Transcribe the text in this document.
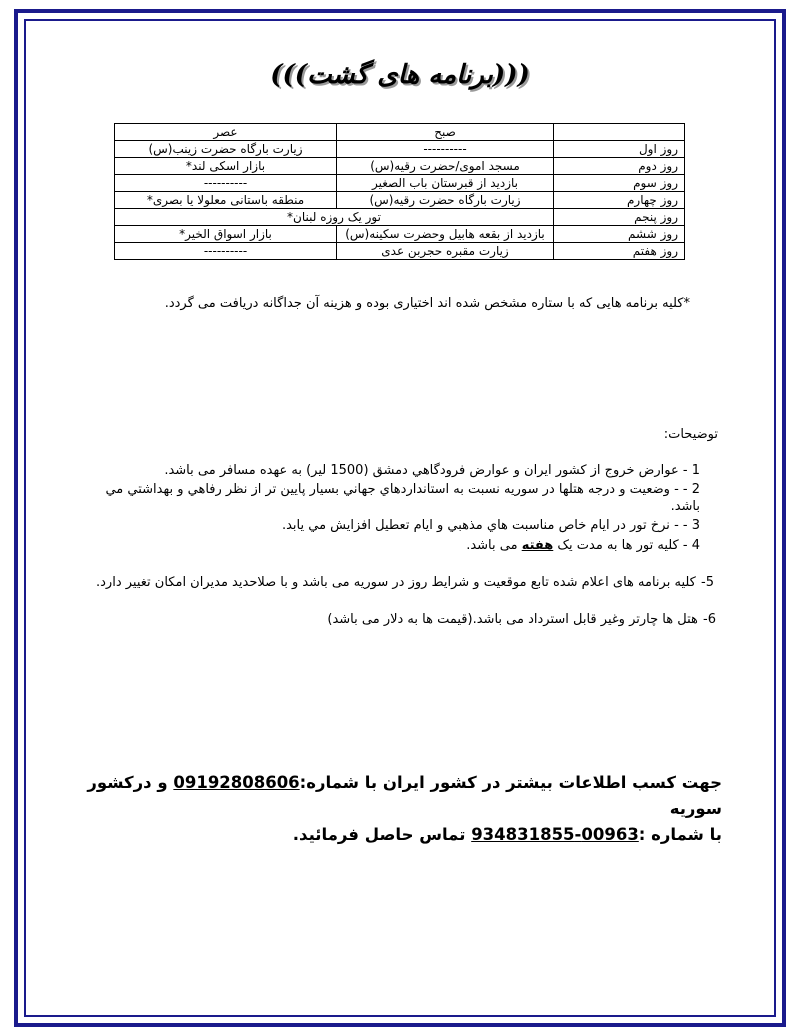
(((برنامه های گشت)))
	صبح	عصر
روز اول	----------	زیارت بارگاه حضرت زینب(س)
روز دوم	مسجد اموی/حضرت رقیه(س)	بازار اسکی لند*
روز سوم	بازدید از قبرستان باب الصغیر	----------
روز چهارم	زیارت بارگاه حضرت رقیه(س)	منطقه باستانی معلولا یا بصری*
روز پنجم	تور یک روزه لبنان*	
روز ششم	بازدید از بقعه هابیل وحضرت سکینه(س)	بازار اسواق الخیر*
روز هفتم	زیارت مقبره حجربن عدی	----------
*کلیه برنامه هایی که با ستاره مشخص شده اند اختیاری بوده و هزینه آن جداگانه دریافت می گردد.
توضیحات:
1 - عوارض خروج از کشور ایران و عوارض فرودگاهي دمشق (1500 لیر) به عهده مسافر می باشد.
2 - - وضعیت و درجه هتلها در سوریه نسبت به استانداردهاي جهاني بسیار پایین تر از نظر رفاهي و بهداشتي مي باشد.
3 - - نرخ تور در ایام خاص مناسبت هاي مذهبي و ایام تعطیل افزایش مي یابد.
4 - کلیه تور ها به مدت یک هفته می باشد.
5- کلیه برنامه های اعلام شده تابع موقعیت و شرایط روز در سوریه می باشد و با صلاحدید مدیران امکان تغییر دارد.
6- هتل ها چارتر وغیر قابل استرداد می باشد.(قیمت ها به دلار می باشد)
جهت کسب اطلاعات بیشتر در کشور ایران با شماره:09192808606 و درکشور سوریه
با شماره :00963-934831855 تماس حاصل فرمائید.
